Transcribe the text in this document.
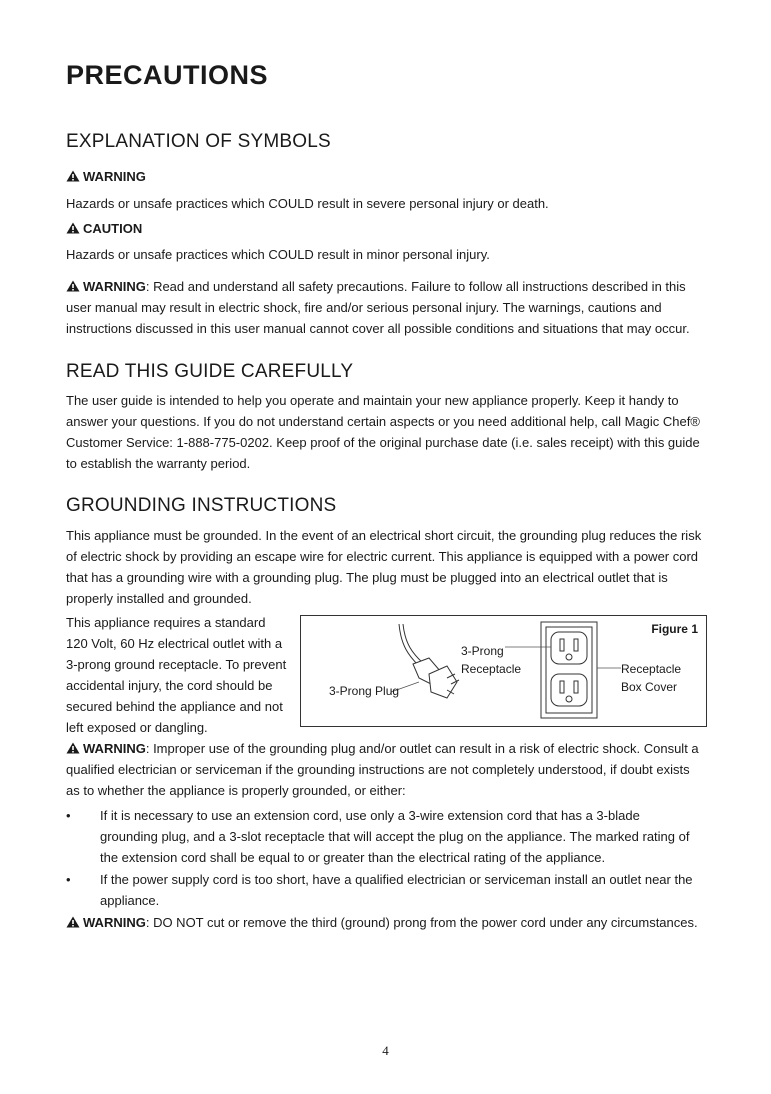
PRECAUTIONS
EXPLANATION OF SYMBOLS
WARNING

Hazards or unsafe practices which COULD result in severe personal injury or death.

CAUTION

Hazards or unsafe practices which COULD result in minor personal injury.

WARNING: Read and understand all safety precautions. Failure to follow all instructions described in this user manual may result in electric shock, fire and/or serious personal injury. The warnings, cautions and instructions discussed in this user manual cannot cover all possible conditions and situations that may occur.

READ THIS GUIDE CAREFULLY

The user guide is intended to help you operate and maintain your new appliance properly. Keep it handy to answer your questions. If you do not understand certain aspects or you need additional help, call Magic Chef® Customer Service: 1-888-775-0202. Keep proof of the original purchase date (i.e. sales receipt) with this guide to establish the warranty period.

GROUNDING INSTRUCTIONS

This appliance must be grounded. In the event of an electrical short circuit, the grounding plug reduces the risk of electric shock by providing an escape wire for electric current. This appliance is equipped with a power cord that has a grounding wire with a grounding plug. The plug must be plugged into an electrical outlet that is properly installed and grounded.

This appliance requires a standard 120 Volt, 60 Hz electrical outlet with a 3-prong ground receptacle. To prevent accidental injury, the cord should be secured behind the appliance and not left exposed or dangling.

Figure 1
3-Prong
Receptacle	Receptacle
Box Cover
3-Prong Plug

WARNING: Improper use of the grounding plug and/or outlet can result in a risk of electric shock. Consult a qualified electrician or serviceman if the grounding instructions are not completely understood, if doubt exists as to whether the appliance is properly grounded, or either:

• If it is necessary to use an extension cord, use only a 3-wire extension cord that has a 3-blade grounding plug, and a 3-slot receptacle that will accept the plug on the appliance. The marked rating of the extension cord shall be equal to or greater than the electrical rating of the appliance.
• If the power supply cord is too short, have a qualified electrician or serviceman install an outlet near the appliance.

WARNING: DO NOT cut or remove the third (ground) prong from the power cord under any circumstances.

4
